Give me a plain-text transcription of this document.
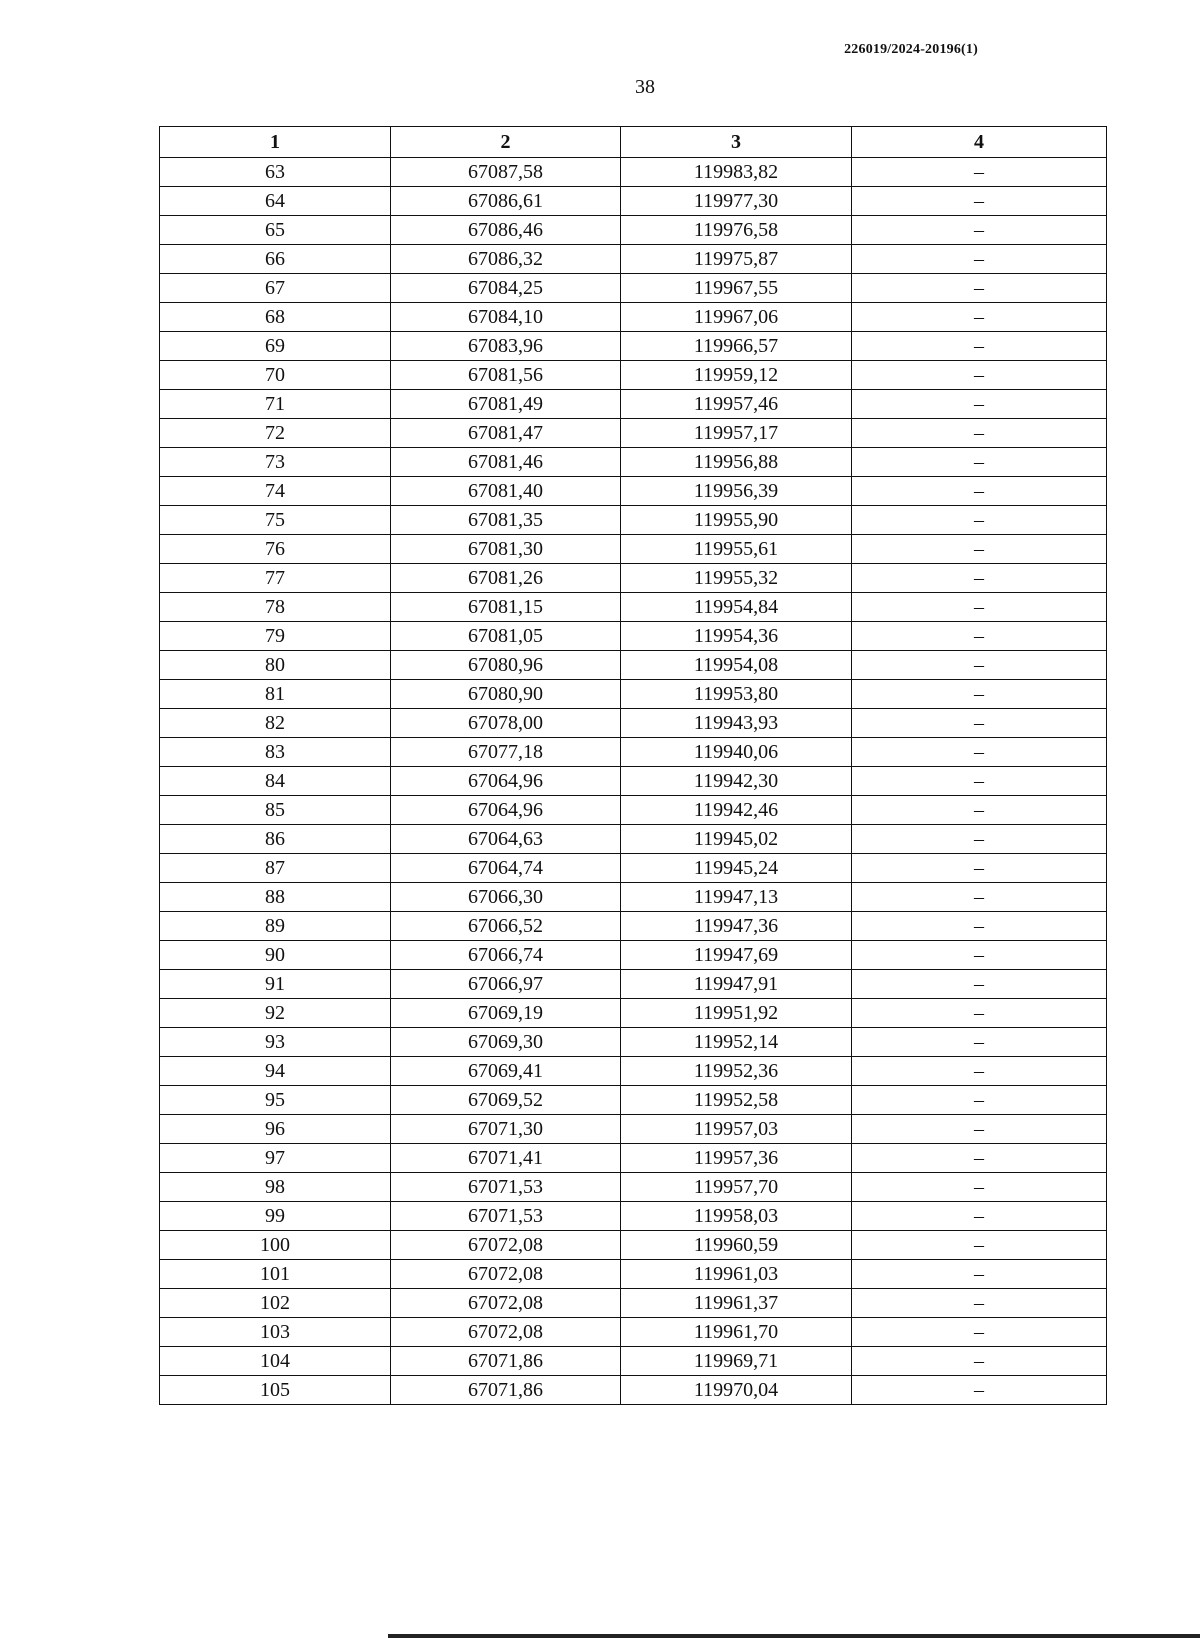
226019/2024-20196(1)
38
1	2	3	4
63	67087,58	119983,82	–
64	67086,61	119977,30	–
65	67086,46	119976,58	–
66	67086,32	119975,87	–
67	67084,25	119967,55	–
68	67084,10	119967,06	–
69	67083,96	119966,57	–
70	67081,56	119959,12	–
71	67081,49	119957,46	–
72	67081,47	119957,17	–
73	67081,46	119956,88	–
74	67081,40	119956,39	–
75	67081,35	119955,90	–
76	67081,30	119955,61	–
77	67081,26	119955,32	–
78	67081,15	119954,84	–
79	67081,05	119954,36	–
80	67080,96	119954,08	–
81	67080,90	119953,80	–
82	67078,00	119943,93	–
83	67077,18	119940,06	–
84	67064,96	119942,30	–
85	67064,96	119942,46	–
86	67064,63	119945,02	–
87	67064,74	119945,24	–
88	67066,30	119947,13	–
89	67066,52	119947,36	–
90	67066,74	119947,69	–
91	67066,97	119947,91	–
92	67069,19	119951,92	–
93	67069,30	119952,14	–
94	67069,41	119952,36	–
95	67069,52	119952,58	–
96	67071,30	119957,03	–
97	67071,41	119957,36	–
98	67071,53	119957,70	–
99	67071,53	119958,03	–
100	67072,08	119960,59	–
101	67072,08	119961,03	–
102	67072,08	119961,37	–
103	67072,08	119961,70	–
104	67071,86	119969,71	–
105	67071,86	119970,04	–
